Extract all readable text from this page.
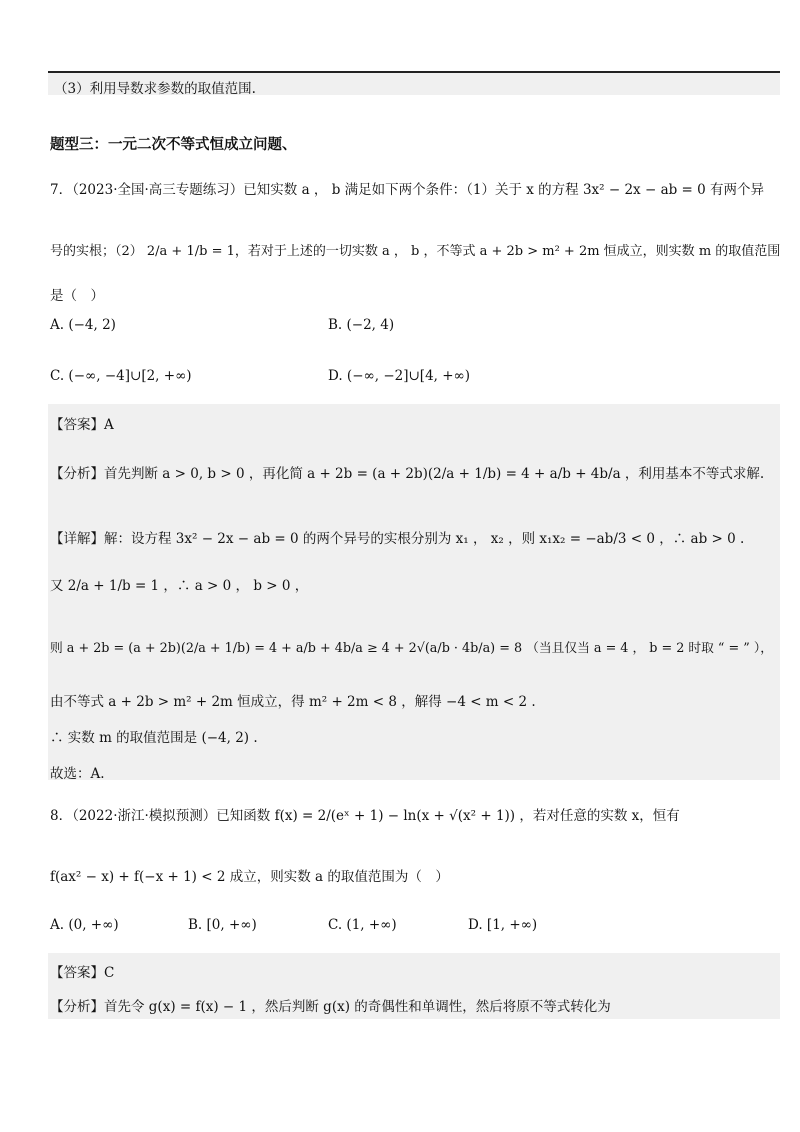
（3）利用导数求参数的取值范围.
题型三：一元二次不等式恒成立问题、
7．（2023·全国·高三专题练习）已知实数 a ， b 满足如下两个条件：（1）关于 x 的方程 3x² − 2x − ab = 0 有两个异
号的实根；（2） 2/a + 1/b = 1，若对于上述的一切实数 a ， b ，不等式 a + 2b > m² + 2m 恒成立，则实数 m 的取值范围
是（　）
A. (−4, 2)	B. (−2, 4)
C. (−∞, −4]∪[2, +∞)	D. (−∞, −2]∪[4, +∞)
【答案】A
【分析】首先判断 a > 0, b > 0 ，再化简 a + 2b = (a + 2b)(2/a + 1/b) = 4 + a/b + 4b/a ，利用基本不等式求解.
【详解】解：设方程 3x² − 2x − ab = 0 的两个异号的实根分别为 x₁ ， x₂ ，则 x₁x₂ = −ab/3 < 0 ，∴ ab > 0 .
又 2/a + 1/b = 1 ，∴ a > 0 ， b > 0 ，
则 a + 2b = (a + 2b)(2/a + 1/b) = 4 + a/b + 4b/a ≥ 4 + 2√(a/b · 4b/a) = 8 （当且仅当 a = 4 ， b = 2 时取 “ = ” ），
由不等式 a + 2b > m² + 2m 恒成立，得 m² + 2m < 8 ，解得 −4 < m < 2 .
∴ 实数 m 的取值范围是 (−4, 2) .
故选：A.
8．（2022·浙江·模拟预测）已知函数 f(x) = 2/(eˣ + 1) − ln(x + √(x² + 1)) ，若对任意的实数 x，恒有
f(ax² − x) + f(−x + 1) < 2 成立，则实数 a 的取值范围为（　）
A. (0, +∞)	B. [0, +∞)	C. (1, +∞)	D. [1, +∞)
【答案】C
【分析】首先令 g(x) = f(x) − 1 ，然后判断 g(x) 的奇偶性和单调性，然后将原不等式转化为
